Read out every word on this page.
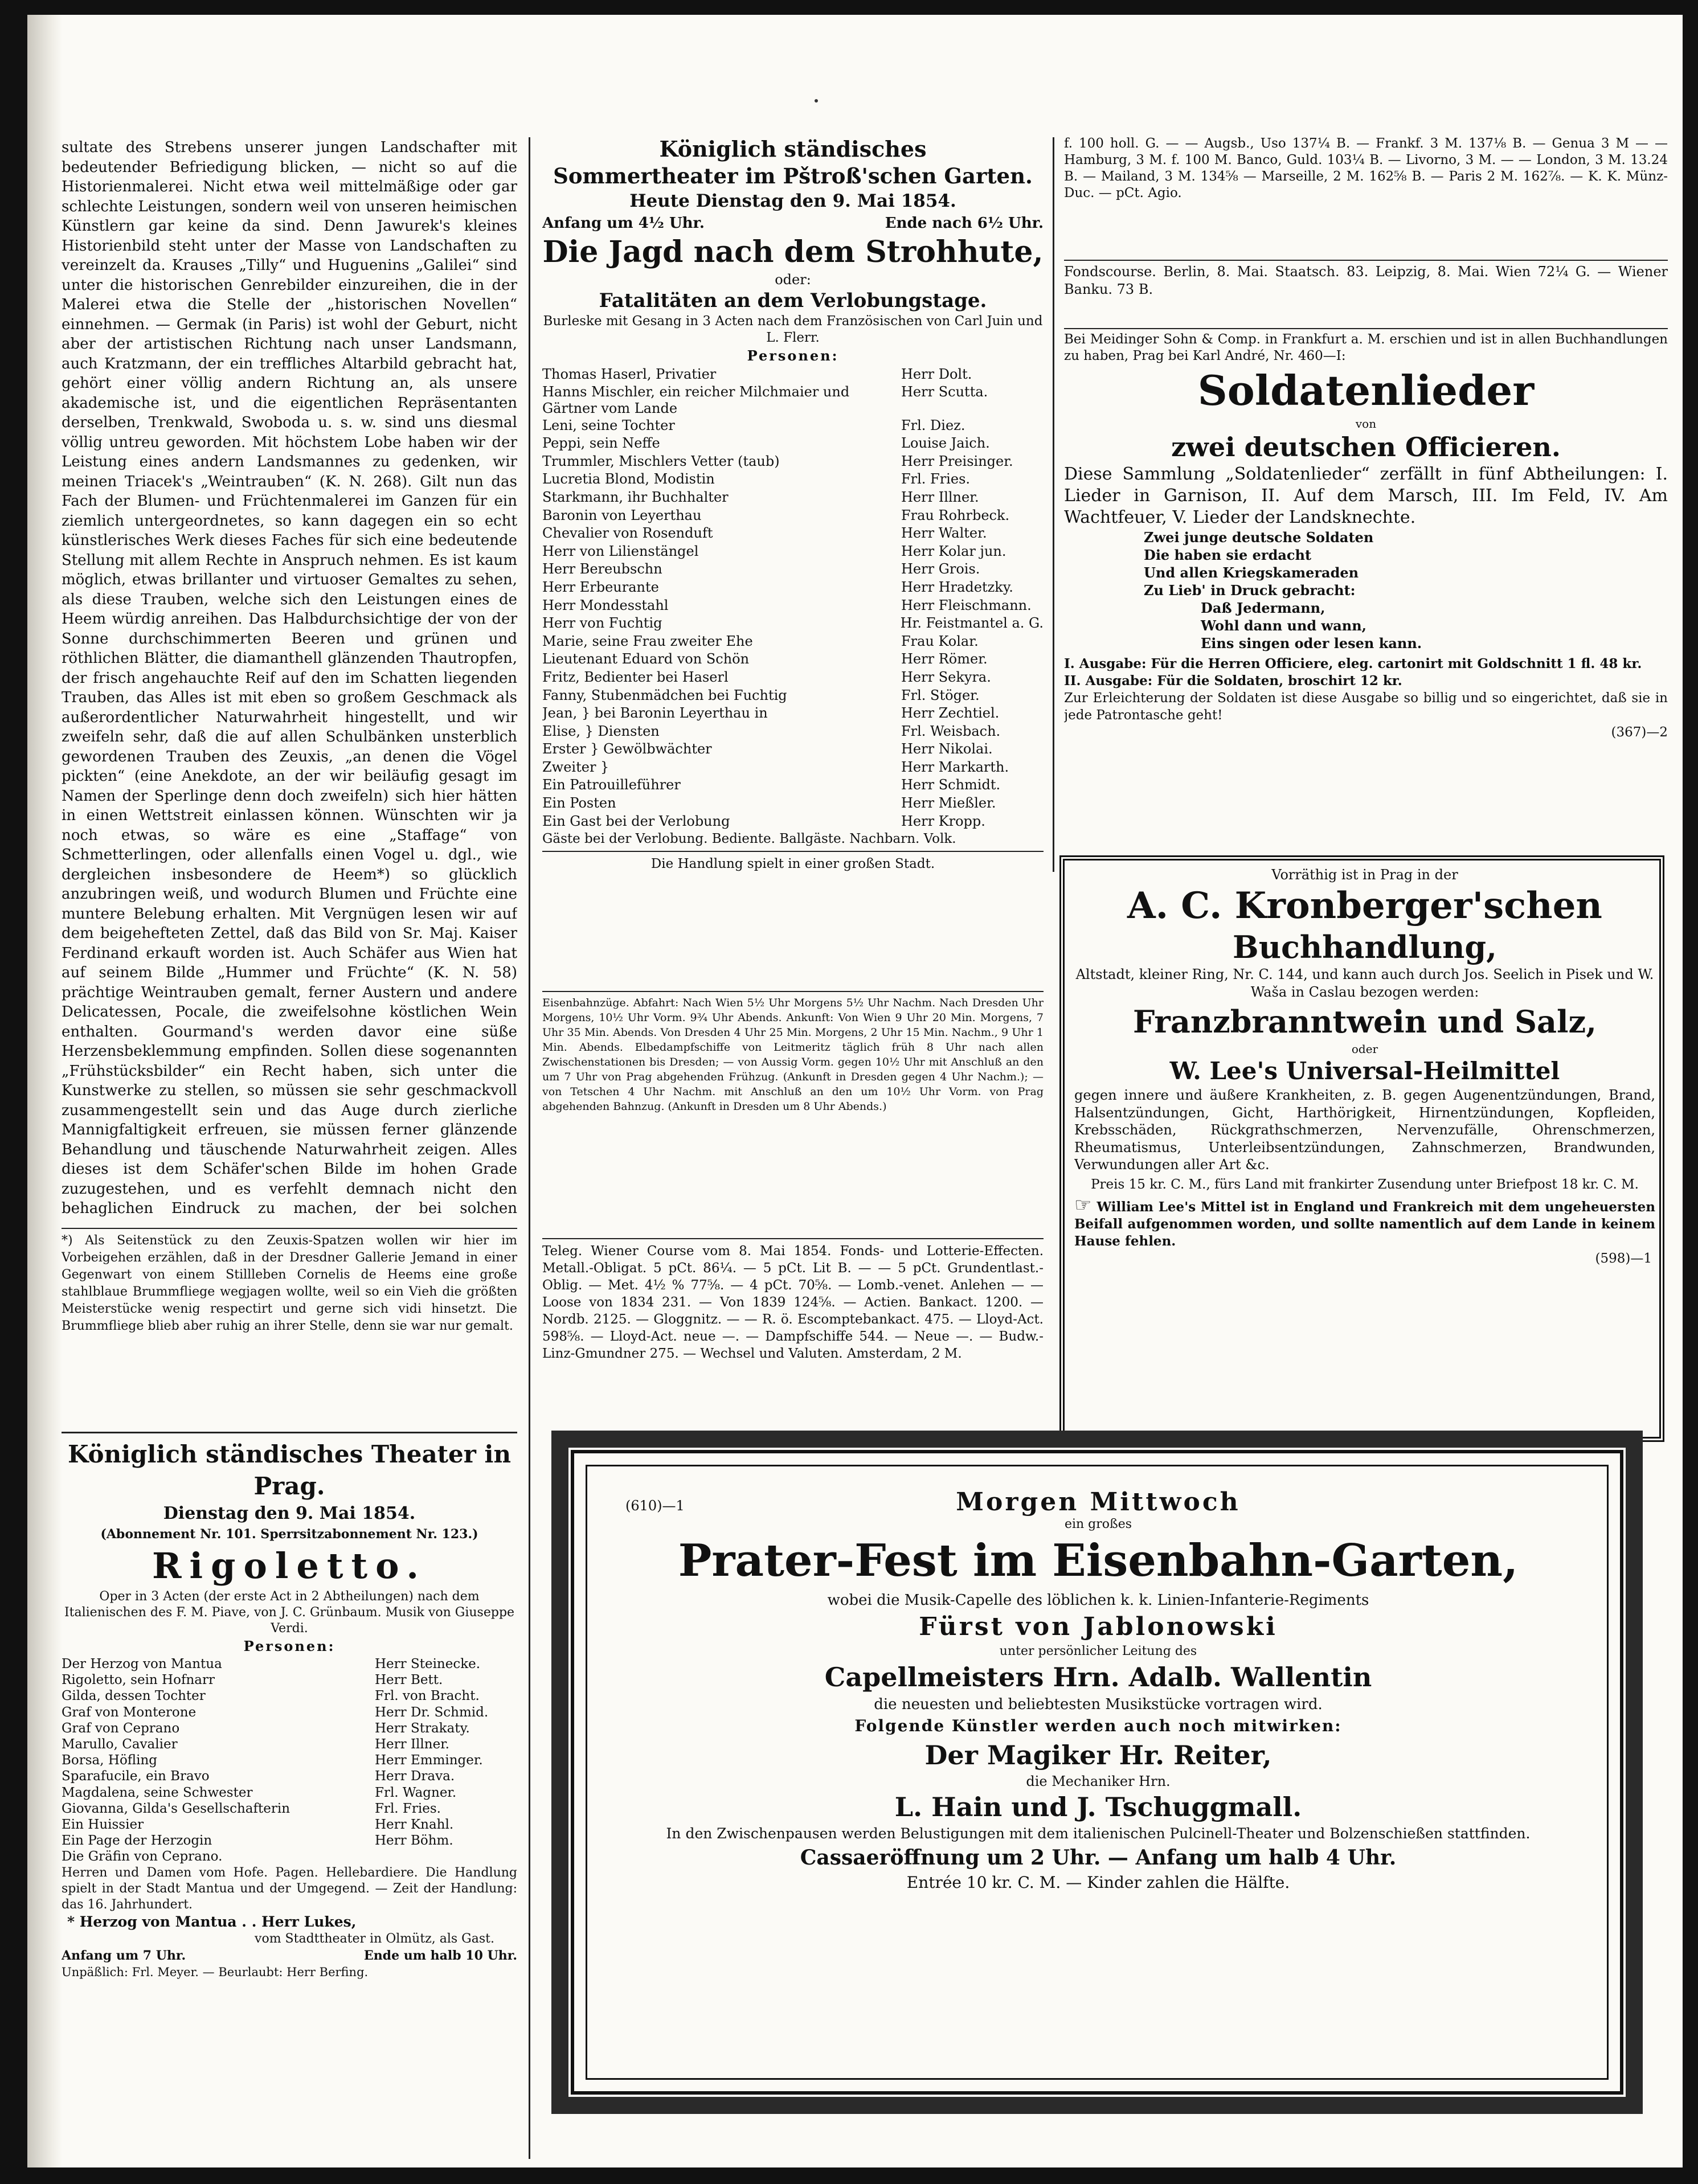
sultate des Strebens unserer jungen Landschafter mit bedeutender Befriedigung blicken, — nicht so auf die Historienmalerei. Nicht etwa weil mittelmäßige oder gar schlechte Leistungen, sondern weil von unseren heimischen Künstlern gar keine da sind. Denn Jawurek's kleines Historienbild steht unter der Masse von Landschaften zu vereinzelt da. Krauses „Tilly“ und Huguenins „Galilei“ sind unter die historischen Genrebilder einzureihen, die in der Malerei etwa die Stelle der „historischen Novellen“ einnehmen. — Germak (in Paris) ist wohl der Geburt, nicht aber der artistischen Richtung nach unser Landsmann, auch Kratzmann, der ein treffliches Altarbild gebracht hat, gehört einer völlig andern Richtung an, als unsere akademische ist, und die eigentlichen Repräsentanten derselben, Trenkwald, Swoboda u. s. w. sind uns diesmal völlig untreu geworden. Mit höchstem Lobe haben wir der Leistung eines andern Landsmannes zu gedenken, wir meinen Triacek's „Weintrauben“ (K. N. 268). Gilt nun das Fach der Blumen- und Früchtenmalerei im Ganzen für ein ziemlich untergeordnetes, so kann dagegen ein so echt künstlerisches Werk dieses Faches für sich eine bedeutende Stellung mit allem Rechte in Anspruch nehmen. Es ist kaum möglich, etwas brillanter und virtuoser Gemaltes zu sehen, als diese Trauben, welche sich den Leistungen eines de Heem würdig anreihen. Das Halbdurchsichtige der von der Sonne durchschimmerten Beeren und grünen und röthlichen Blätter, die diamanthell glänzenden Thautropfen, der frisch angehauchte Reif auf den im Schatten liegenden Trauben, das Alles ist mit eben so großem Geschmack als außerordentlicher Naturwahrheit hingestellt, und wir zweifeln sehr, daß die auf allen Schulbänken unsterblich gewordenen Trauben des Zeuxis, „an denen die Vögel pickten“ (eine Anekdote, an der wir beiläufig gesagt im Namen der Sperlinge denn doch zweifeln) sich hier hätten in einen Wettstreit einlassen können. Wünschten wir ja noch etwas, so wäre es eine „Staffage“ von Schmetterlingen, oder allenfalls einen Vogel u. dgl., wie dergleichen insbesondere de Heem*) so glücklich anzubringen weiß, und wodurch Blumen und Früchte eine muntere Belebung erhalten. Mit Vergnügen lesen wir auf dem beigehefteten Zettel, daß das Bild von Sr. Maj. Kaiser Ferdinand erkauft worden ist. Auch Schäfer aus Wien hat auf seinem Bilde „Hummer und Früchte“ (K. N. 58) prächtige Weintrauben gemalt, ferner Austern und andere Delicatessen, Pocale, die zweifelsohne köstlichen Wein enthalten. Gourmand's werden davor eine süße Herzensbeklemmung empfinden. Sollen diese sogenannten „Frühstücksbilder“ ein Recht haben, sich unter die Kunstwerke zu stellen, so müssen sie sehr geschmackvoll zusammengestellt sein und das Auge durch zierliche Mannigfaltigkeit erfreuen, sie müssen ferner glänzende Behandlung und täuschende Naturwahrheit zeigen. Alles dieses ist dem Schäfer'schen Bilde im hohen Grade zuzugestehen, und es verfehlt demnach nicht den behaglichen Eindruck zu machen, der bei solchen

*) Als Seitenstück zu den Zeuxis-Spatzen wollen wir hier im Vorbeigehen erzählen, daß in der Dresdner Gallerie Jemand in einer Gegenwart von einem Stillleben Cornelis de Heems eine große stahlblaue Brummfliege wegjagen wollte, weil so ein Vieh die größten Meisterstücke wenig respectirt und gerne sich vidi hinsetzt. Die Brummfliege blieb aber ruhig an ihrer Stelle, denn sie war nur gemalt.

Königlich ständisches Theater in Prag.
Dienstag den 9. Mai 1854.
(Abonnement Nr. 101. Sperrsitzabonnement Nr. 123.)
Rigoletto.

Oper in 3 Acten (der erste Act in 2 Abtheilungen) nach dem Italienischen des F. M. Piave, von J. C. Grünbaum. Musik von Giuseppe Verdi.

Personen:
Der Herzog von Mantua	Herr Steinecke.
Rigoletto, sein Hofnarr	Herr Bett.
Gilda, dessen Tochter	Frl. von Bracht.
Graf von Monterone	Herr Dr. Schmid.
Graf von Ceprano	Herr Strakaty.
Marullo, Cavalier	Herr Illner.
Borsa, Höfling	Herr Emminger.
Sparafucile, ein Bravo	Herr Drava.
Magdalena, seine Schwester	Frl. Wagner.
Giovanna, Gilda's Gesellschafterin	Frl. Fries.
Ein Huissier	Herr Knahl.
Ein Page der Herzogin	Herr Böhm.
Die Gräfin von Ceprano.

Herren und Damen vom Hofe. Pagen. Hellebardiere. Die Handlung spielt in der Stadt Mantua und der Umgegend. — Zeit der Handlung: das 16. Jahrhundert.

* Herzog von Mantua . . Herr Lukes,
vom Stadttheater in Olmütz, als Gast.
Anfang um 7 Uhr.	Ende um halb 10 Uhr.
Unpäßlich: Frl. Meyer. — Beurlaubt: Herr Berfing.
Königlich ständisches
Sommertheater im Pštroß'schen Garten.
Heute Dienstag den 9. Mai 1854.
Anfang um 4½ Uhr.	Ende nach 6½ Uhr.
Die Jagd nach dem Strohhute,
oder:
Fatalitäten an dem Verlobungstage.

Burleske mit Gesang in 3 Acten nach dem Französischen von Carl Juin und L. Flerr.

Personen:
Thomas Haserl, Privatier	Herr Dolt.
Hanns Mischler, ein reicher Milchmaier und Gärtner vom Lande
Herr Scutta.
Leni, seine Tochter	Frl. Diez.
Peppi, sein Neffe	Louise Jaich.
Trummler, Mischlers Vetter (taub)	Herr Preisinger.
Lucretia Blond, Modistin	Frl. Fries.
Starkmann, ihr Buchhalter	Herr Illner.
Baronin von Leyerthau	Frau Rohrbeck.
Chevalier von Rosenduft	Herr Walter.
Herr von Lilienstängel	Herr Kolar jun.
Herr Bereubschn	Herr Grois.
Herr Erbeurante	Herr Hradetzky.
Herr Mondesstahl	Herr Fleischmann.
Herr von Fuchtig	Hr. Feistmantel a. G.
Marie, seine Frau zweiter Ehe	Frau Kolar.
Lieutenant Eduard von Schön	Herr Römer.
Fritz, Bedienter bei Haserl	Herr Sekyra.
Fanny, Stubenmädchen bei Fuchtig	Frl. Stöger.
Jean, } bei Baronin Leyerthau in	Herr Zechtiel.
Elise, } Diensten	Frl. Weisbach.
Erster } Gewölbwächter	Herr Nikolai.
Zweiter }	Herr Markarth.
Ein Patrouilleführer	Herr Schmidt.
Ein Posten	Herr Mießler.
Ein Gast bei der Verlobung	Herr Kropp.
Gäste bei der Verlobung. Bediente. Ballgäste. Nachbarn. Volk.
Die Handlung spielt in einer großen Stadt.

Eisenbahnzüge. Abfahrt: Nach Wien 5½ Uhr Morgens 5½ Uhr Nachm. Nach Dresden Uhr Morgens, 10½ Uhr Vorm. 9¾ Uhr Abends. Ankunft: Von Wien 9 Uhr 20 Min. Morgens, 7 Uhr 35 Min. Abends. Von Dresden 4 Uhr 25 Min. Morgens, 2 Uhr 15 Min. Nachm., 9 Uhr 1 Min. Abends. Elbedampfschiffe von Leitmeritz täglich früh 8 Uhr nach allen Zwischenstationen bis Dresden; — von Aussig Vorm. gegen 10½ Uhr mit Anschluß an den um 7 Uhr von Prag abgehenden Frühzug. (Ankunft in Dresden gegen 4 Uhr Nachm.); — von Tetschen 4 Uhr Nachm. mit Anschluß an den um 10½ Uhr Vorm. von Prag abgehenden Bahnzug. (Ankunft in Dresden um 8 Uhr Abends.)

Teleg. Wiener Course vom 8. Mai 1854. Fonds- und Lotterie-Effecten. Metall.-Obligat. 5 pCt. 86¼. — 5 pCt. Lit B. — — 5 pCt. Grundentlast.-Oblig. — Met. 4½ % 77⅝. — 4 pCt. 70⅝. — Lomb.-venet. Anlehen — — Loose von 1834 231. — Von 1839 124⅝. — Actien. Bankact. 1200. — Nordb. 2125. — Gloggnitz. — — R. ö. Escomptebankact. 475. — Lloyd-Act. 598⅝. — Lloyd-Act. neue —. — Dampfschiffe 544. — Neue —. — Budw.-Linz-Gmundner 275. — Wechsel und Valuten. Amsterdam, 2 M.

f. 100 holl. G. — — Augsb., Uso 137¼ B. — Frankf. 3 M. 137⅛ B. — Genua 3 M — — Hamburg, 3 M. f. 100 M. Banco, Guld. 103¼ B. — Livorno, 3 M. — — London, 3 M. 13.24 B. — Mailand, 3 M. 134⅝ — Marseille, 2 M. 162⅝ B. — Paris 2 M. 162⅞. — K. K. Münz-Duc. — pCt. Agio.

Fondscourse. Berlin, 8. Mai. Staatsch. 83. Leipzig, 8. Mai. Wien 72¼ G. — Wiener Banku. 73 B.

Bei Meidinger Sohn & Comp. in Frankfurt a. M. erschien und ist in allen Buchhandlungen zu haben, Prag bei Karl André, Nr. 460—I:

Soldatenlieder
von
zwei deutschen Officieren.

Diese Sammlung „Soldatenlieder“ zerfällt in fünf Abtheilungen: I. Lieder in Garnison, II. Auf dem Marsch, III. Im Feld, IV. Am Wachtfeuer, V. Lieder der Landsknechte.

Zwei junge deutsche Soldaten
Die haben sie erdacht
Und allen Kriegskameraden
Zu Lieb' in Druck gebracht:
Daß Jedermann,
Wohl dann und wann,
Eins singen oder lesen kann.

I. Ausgabe: Für die Herren Officiere, eleg. cartonirt mit Goldschnitt 1 fl. 48 kr.

II. Ausgabe: Für die Soldaten, broschirt 12 kr.

Zur Erleichterung der Soldaten ist diese Ausgabe so billig und so eingerichtet, daß sie in jede Patrontasche geht!

(367)—2
Vorräthig ist in Prag in der
A. C. Kronberger'schen
Buchhandlung,

Altstadt, kleiner Ring, Nr. C. 144, und kann auch durch Jos. Seelich in Pisek und W. Waša in Caslau bezogen werden:

Franzbranntwein und Salz,
oder
W. Lee's Universal-Heilmittel

gegen innere und äußere Krankheiten, z. B. gegen Augenentzündungen, Brand, Halsentzündungen, Gicht, Harthörigkeit, Hirnentzündungen, Kopfleiden, Krebsschäden, Rückgrathschmerzen, Nervenzufälle, Ohrenschmerzen, Rheumatismus, Unterleibsentzündungen, Zahnschmerzen, Brandwunden, Verwundungen aller Art &c.

Preis 15 kr. C. M., fürs Land mit frankirter Zusendung unter Briefpost 18 kr. C. M.

☞ William Lee's Mittel ist in England und Frankreich mit dem ungeheuersten Beifall aufgenommen worden, und sollte namentlich auf dem Lande in keinem Hause fehlen.

(598)—1
(610)—1	Morgen Mittwoch
ein großes
Prater-Fest im Eisenbahn-Garten,
wobei die Musik-Capelle des löblichen k. k. Linien-Infanterie-Regiments
Fürst von Jablonowski
unter persönlicher Leitung des
Capellmeisters Hrn. Adalb. Wallentin
die neuesten und beliebtesten Musikstücke vortragen wird.
Folgende Künstler werden auch noch mitwirken:
Der Magiker Hr. Reiter,
die Mechaniker Hrn.
L. Hain und J. Tschuggmall.

In den Zwischenpausen werden Belustigungen mit dem italienischen Pulcinell-Theater und Bolzenschießen stattfinden.

Cassaeröffnung um 2 Uhr. — Anfang um halb 4 Uhr.
Entrée 10 kr. C. M. — Kinder zahlen die Hälfte.
